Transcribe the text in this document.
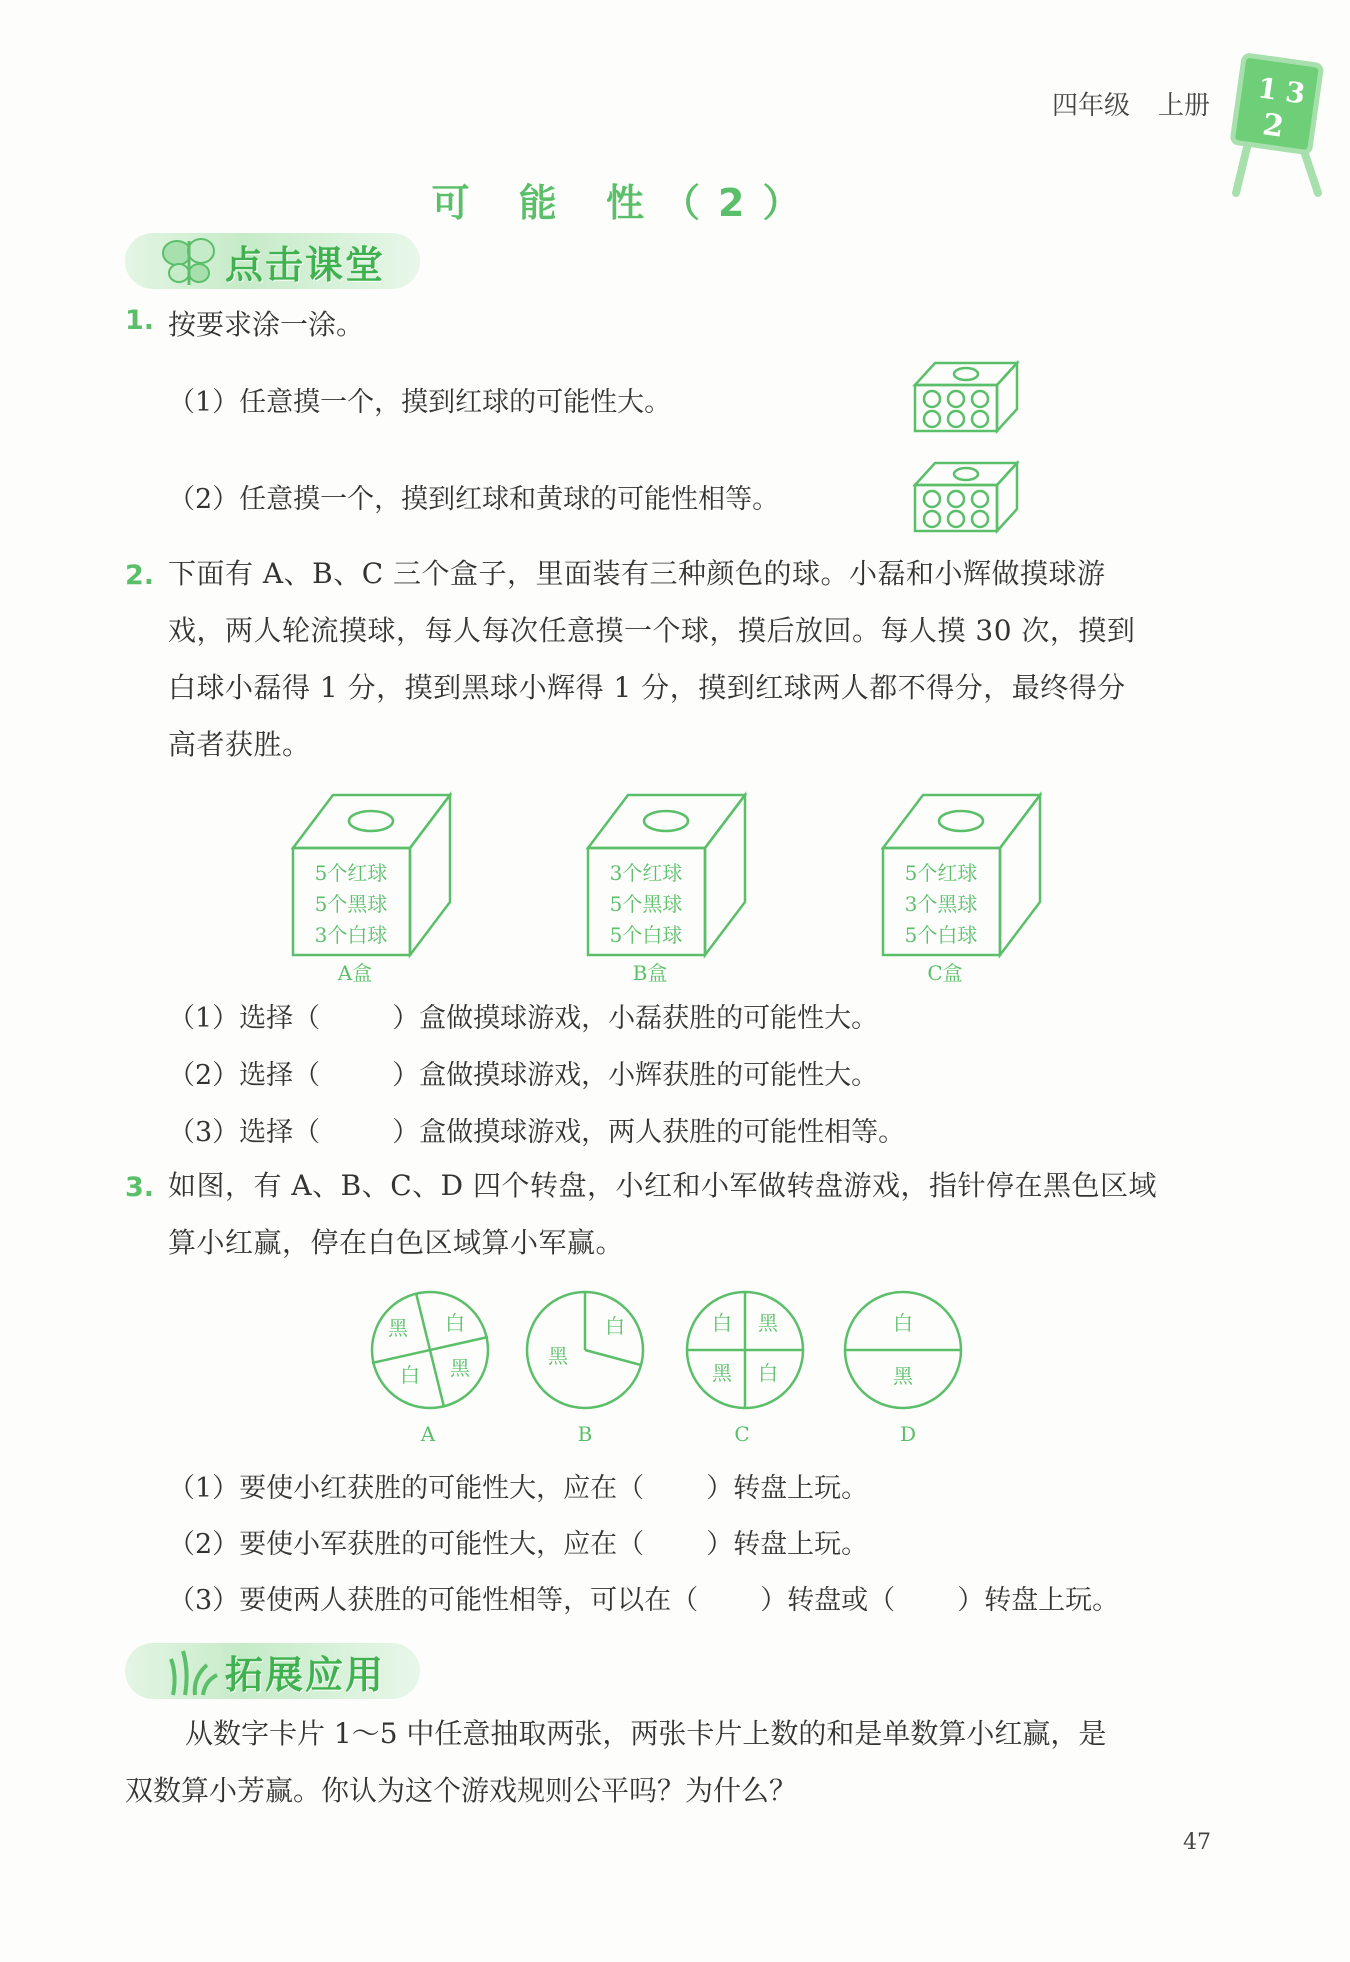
四年级 上册	1 3
2
可 能 性（2）
点击课堂
1. 按要求涂一涂。
（1）任意摸一个，摸到红球的可能性大。
（2）任意摸一个，摸到红球和黄球的可能性相等。
2. 下面有 A、B、C 三个盒子，里面装有三种颜色的球。小磊和小辉做摸球游
戏，两人轮流摸球，每人每次任意摸一个球，摸后放回。每人摸 30 次，摸到
白球小磊得 1 分，摸到黑球小辉得 1 分，摸到红球两人都不得分，最终得分
高者获胜。
5个红球
5个黑球
3个白球
A盒
3个红球
5个黑球
5个白球
B盒
5个红球
3个黑球
5个白球
C盒
（1）选择（	）盒做摸球游戏，小磊获胜的可能性大。
（2）选择（	）盒做摸球游戏，小辉获胜的可能性大。
（3）选择（	）盒做摸球游戏，两人获胜的可能性相等。
3. 如图，有 A、B、C、D 四个转盘，小红和小军做转盘游戏，指针停在黑色区域
算小红赢，停在白色区域算小军赢。
黑 白
白 黑	黑
白	白 黑
黑 白
白
黑
A	B	C	D
（1）要使小红获胜的可能性大，应在（ ）转盘上玩。
（2）要使小军获胜的可能性大，应在（ ）转盘上玩。
（3）要使两人获胜的可能性相等，可以在（ ）转盘或（ ）转盘上玩。
拓展应用
从数字卡片 1～5 中任意抽取两张，两张卡片上数的和是单数算小红赢，是
双数算小芳赢。你认为这个游戏规则公平吗？为什么？
47
